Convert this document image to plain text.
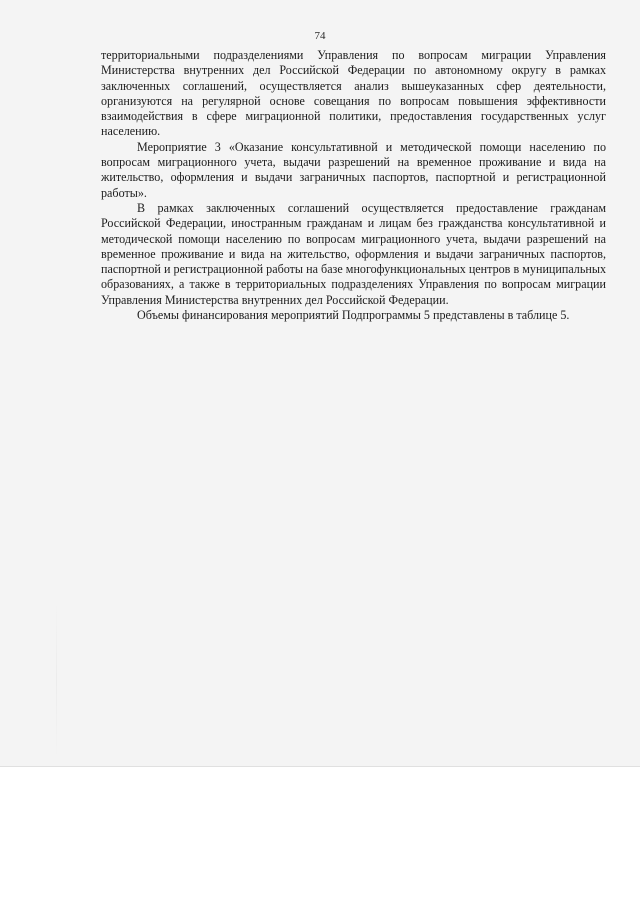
74

территориальными подразделениями Управления по вопросам миграции Управления Министерства внутренних дел Российской Федерации по автономному округу в рамках заключенных соглашений, осуществляется анализ вышеуказанных сфер деятельности, организуются на регулярной основе совещания по вопросам повышения эффективности взаимодействия в сфере миграционной политики, предоставления государственных услуг населению.

Мероприятие 3 «Оказание консультативной и методической помощи населению по вопросам миграционного учета, выдачи разрешений на временное проживание и вида на жительство, оформления и выдачи заграничных паспортов, паспортной и регистрационной работы».

В рамках заключенных соглашений осуществляется предоставление гражданам Российской Федерации, иностранным гражданам и лицам без гражданства консультативной и методической помощи населению по вопросам миграционного учета, выдачи разрешений на временное проживание и вида на жительство, оформления и выдачи заграничных паспортов, паспортной и регистрационной работы на базе многофункциональных центров в муниципальных образованиях, а также в территориальных подразделениях Управления по вопросам миграции Управления Министерства внутренних дел Российской Федерации.

Объемы финансирования мероприятий Подпрограммы 5 представлены в таблице 5.
